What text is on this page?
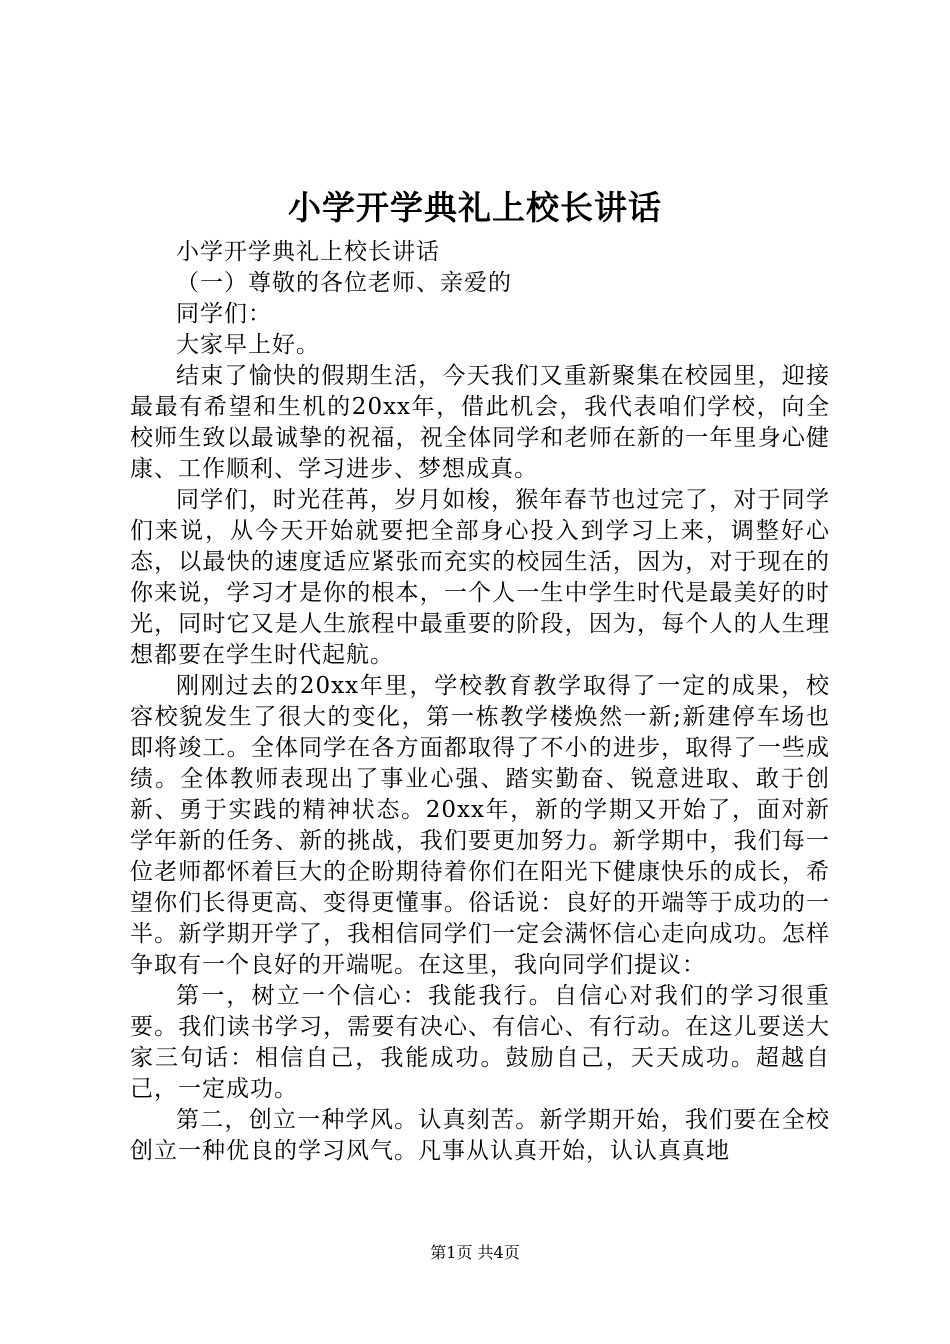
小学开学典礼上校长讲话

小学开学典礼上校长讲话

（一）尊敬的各位老师、亲爱的

同学们：

大家早上好。

结束了愉快的假期生活，今天我们又重新聚集在校园里，迎接最最有希望和生机的20xx年，借此机会，我代表咱们学校，向全校师生致以最诚挚的祝福，祝全体同学和老师在新的一年里身心健康、工作顺利、学习进步、梦想成真。

同学们，时光荏苒，岁月如梭，猴年春节也过完了，对于同学们来说，从今天开始就要把全部身心投入到学习上来，调整好心态，以最快的速度适应紧张而充实的校园生活，因为，对于现在的你来说，学习才是你的根本，一个人一生中学生时代是最美好的时光，同时它又是人生旅程中最重要的阶段，因为，每个人的人生理想都要在学生时代起航。

刚刚过去的20xx年里，学校教育教学取得了一定的成果，校容校貌发生了很大的变化，第一栋教学楼焕然一新;新建停车场也即将竣工。全体同学在各方面都取得了不小的进步，取得了一些成绩。全体教师表现出了事业心强、踏实勤奋、锐意进取、敢于创新、勇于实践的精神状态。20xx年，新的学期又开始了，面对新学年新的任务、新的挑战，我们要更加努力。新学期中，我们每一位老师都怀着巨大的企盼期待着你们在阳光下健康快乐的成长，希望你们长得更高、变得更懂事。俗话说：良好的开端等于成功的一半。新学期开学了，我相信同学们一定会满怀信心走向成功。怎样争取有一个良好的开端呢。在这里，我向同学们提议：

第一，树立一个信心：我能我行。自信心对我们的学习很重要。我们读书学习，需要有决心、有信心、有行动。在这儿要送大家三句话：相信自己，我能成功。鼓励自己，天天成功。超越自己，一定成功。

第二，创立一种学风。认真刻苦。新学期开始，我们要在全校创立一种优良的学习风气。凡事从认真开始，认认真真地

第1页 共4页
